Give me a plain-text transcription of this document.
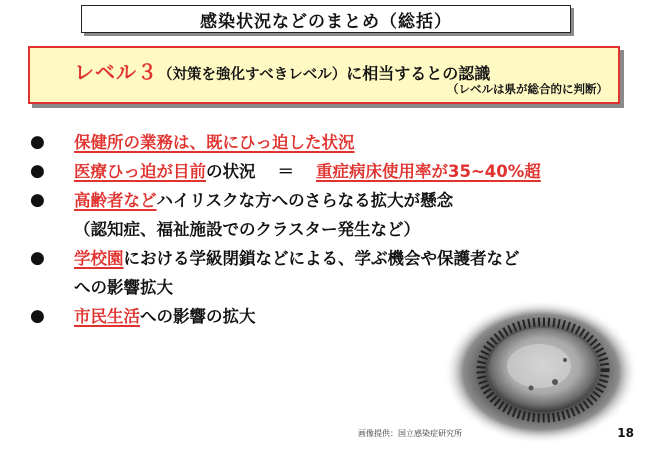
感染状況などのまとめ（総括）
レベル３（対策を強化すべきレベル）に相当するとの認識
（レベルは県が総合的に判断）
●	保健所の業務は、既にひっ迫した状況
●	医療ひっ迫が目前の状況 ＝ 重症病床使用率が35~40%超
●	高齢者などハイリスクな方へのさらなる拡大が懸念
（認知症、福祉施設でのクラスター発生など）
●	学校園における学級閉鎖などによる、学ぶ機会や保護者など
への影響拡大
●	市民生活への影響の拡大
画像提供：国立感染症研究所	18
